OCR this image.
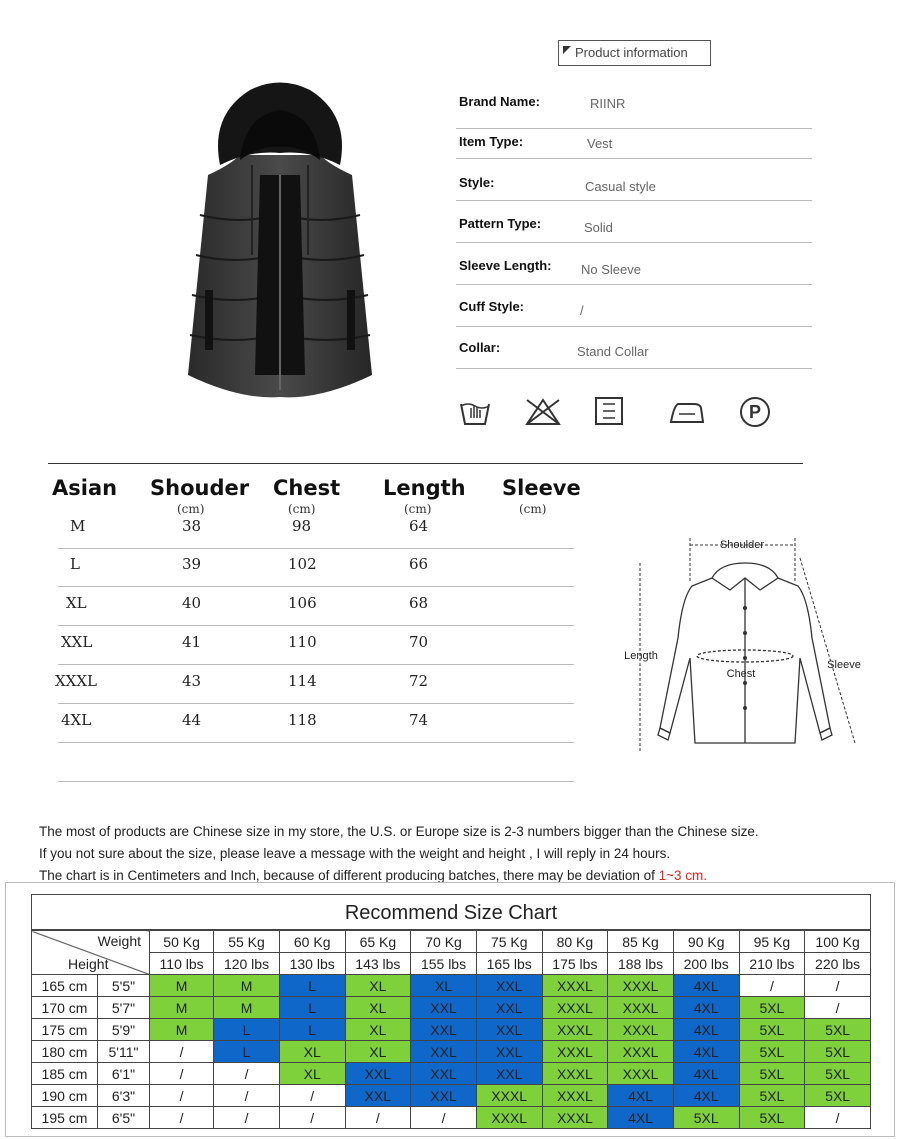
Product information
Brand Name:	RIINR
Item Type:	Vest
Style:	Casual style
Pattern Type:	Solid
Sleeve Length: No Sleeve
Cuff Style:	/
Collar:	Stand Collar
P
Asian Shouder Chest Length Sleeve
(cm)	(cm)	(cm)	(cm)
M	38	98	64
L	39	102	66
XL	40	106	68
XXL	41	110	70
XXXL	43	114	72
4XL	44	118	74
Shoulder
Length
Chest
Sleeve
The most of products are Chinese size in my store, the U.S. or Europe size is 2-3 numbers bigger than the Chinese size.
If you not sure about the size, please leave a message with the weight and height , I will reply in 24 hours.
The chart is in Centimeters and Inch, because of different producing batches, there may be deviation of 1~3 cm.
Recommend Size Chart
Weight
Height		50 Kg	55 Kg	60 Kg	65 Kg	70 Kg	75 Kg	80 Kg	85 Kg	90 Kg	95 Kg	100 Kg
		110 lbs	120 lbs	130 lbs	143 lbs	155 lbs	165 lbs	175 lbs	188 lbs	200 lbs	210 lbs	220 lbs
165 cm	5'5"	M	M	L	XL	XL	XXL	XXXL	XXXL	4XL	/	/
170 cm	5'7"	M	M	L	XL	XXL	XXL	XXXL	XXXL	4XL	5XL	/
175 cm	5'9"	M	L	L	XL	XXL	XXL	XXXL	XXXL	4XL	5XL	5XL
180 cm	5'11"	/	L	XL	XL	XXL	XXL	XXXL	XXXL	4XL	5XL	5XL
185 cm	6'1"	/	/	XL	XXL	XXL	XXL	XXXL	XXXL	4XL	5XL	5XL
190 cm	6'3"	/	/	/	XXL	XXL	XXXL	XXXL	4XL	4XL	5XL	5XL
195 cm	6'5"	/	/	/	/	/	XXXL	XXXL	4XL	5XL	5XL	/
